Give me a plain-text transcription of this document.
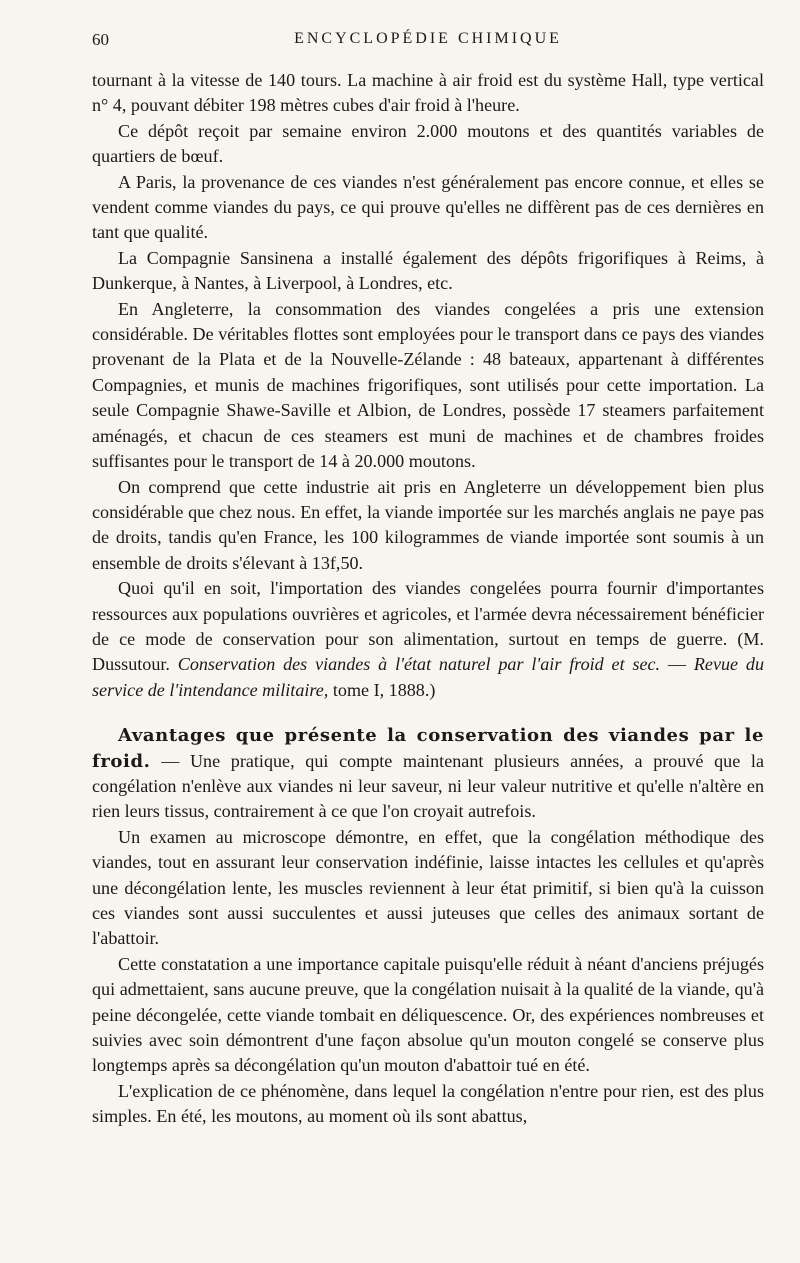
60	ENCYCLOPÉDIE CHIMIQUE

tournant à la vitesse de 140 tours. La machine à air froid est du système Hall, type vertical n° 4, pouvant débiter 198 mètres cubes d'air froid à l'heure.

Ce dépôt reçoit par semaine environ 2.000 moutons et des quantités variables de quartiers de bœuf.

A Paris, la provenance de ces viandes n'est généralement pas encore connue, et elles se vendent comme viandes du pays, ce qui prouve qu'elles ne diffèrent pas de ces dernières en tant que qualité.

La Compagnie Sansinena a installé également des dépôts frigorifiques à Reims, à Dunkerque, à Nantes, à Liverpool, à Londres, etc.

En Angleterre, la consommation des viandes congelées a pris une extension considérable. De véritables flottes sont employées pour le transport dans ce pays des viandes provenant de la Plata et de la Nouvelle-Zélande : 48 bateaux, appartenant à différentes Compagnies, et munis de machines frigorifiques, sont utilisés pour cette importation. La seule Compagnie Shawe-Saville et Albion, de Londres, possède 17 steamers parfaitement aménagés, et chacun de ces steamers est muni de machines et de chambres froides suffisantes pour le transport de 14 à 20.000 moutons.

On comprend que cette industrie ait pris en Angleterre un développement bien plus considérable que chez nous. En effet, la viande importée sur les marchés anglais ne paye pas de droits, tandis qu'en France, les 100 kilogrammes de viande importée sont soumis à un ensemble de droits s'élevant à 13f,50.

Quoi qu'il en soit, l'importation des viandes congelées pourra fournir d'importantes ressources aux populations ouvrières et agricoles, et l'armée devra nécessairement bénéficier de ce mode de conservation pour son alimentation, surtout en temps de guerre. (M. Dussutour. Conservation des viandes à l'état naturel par l'air froid et sec. — Revue du service de l'intendance militaire, tome I, 1888.)

Avantages que présente la conservation des viandes par le froid. — Une pratique, qui compte maintenant plusieurs années, a prouvé que la congélation n'enlève aux viandes ni leur saveur, ni leur valeur nutritive et qu'elle n'altère en rien leurs tissus, contrairement à ce que l'on croyait autrefois.

Un examen au microscope démontre, en effet, que la congélation méthodique des viandes, tout en assurant leur conservation indéfinie, laisse intactes les cellules et qu'après une décongélation lente, les muscles reviennent à leur état primitif, si bien qu'à la cuisson ces viandes sont aussi succulentes et aussi juteuses que celles des animaux sortant de l'abattoir.

Cette constatation a une importance capitale puisqu'elle réduit à néant d'anciens préjugés qui admettaient, sans aucune preuve, que la congélation nuisait à la qualité de la viande, qu'à peine décongelée, cette viande tombait en déliquescence. Or, des expériences nombreuses et suivies avec soin démontrent d'une façon absolue qu'un mouton congelé se conserve plus longtemps après sa décongélation qu'un mouton d'abattoir tué en été.

L'explication de ce phénomène, dans lequel la congélation n'entre pour rien, est des plus simples. En été, les moutons, au moment où ils sont abattus,
